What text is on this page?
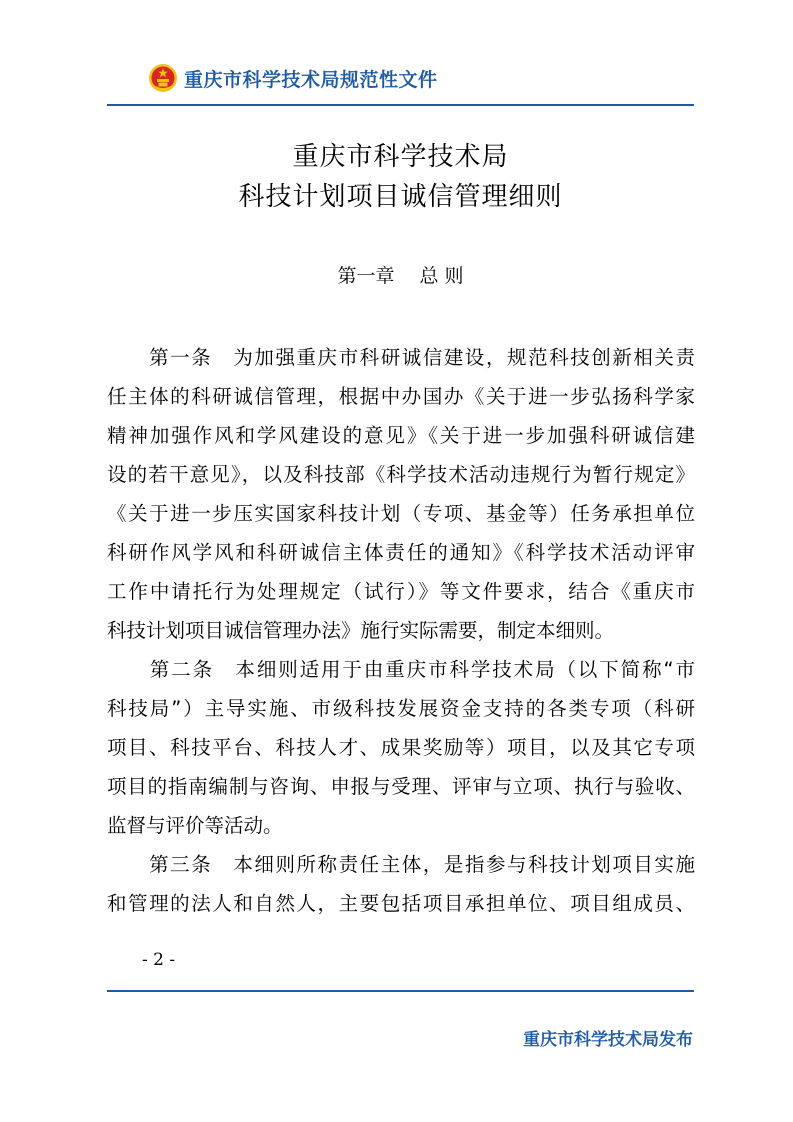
重庆市科学技术局规范性文件
重庆市科学技术局
科技计划项目诚信管理细则
第一章　 总 则
　　第一条　为加强重庆市科研诚信建设，规范科技创新相关责
任主体的科研诚信管理，根据中办国办《关于进一步弘扬科学家
精神加强作风和学风建设的意见》《关于进一步加强科研诚信建
设的若干意见》，以及科技部《科学技术活动违规行为暂行规定》
《关于进一步压实国家科技计划（专项、基金等）任务承担单位
科研作风学风和科研诚信主体责任的通知》《科学技术活动评审
工作中请托行为处理规定（试行）》等文件要求，结合《重庆市
科技计划项目诚信管理办法》施行实际需要，制定本细则。
　　第二条　本细则适用于由重庆市科学技术局（以下简称“市
科技局”）主导实施、市级科技发展资金支持的各类专项（科研
项目、科技平台、科技人才、成果奖励等）项目，以及其它专项
项目的指南编制与咨询、申报与受理、评审与立项、执行与验收、
监督与评价等活动。
　　第三条　本细则所称责任主体，是指参与科技计划项目实施
和管理的法人和自然人，主要包括项目承担单位、项目组成员、
- 2 -
重庆市科学技术局发布
